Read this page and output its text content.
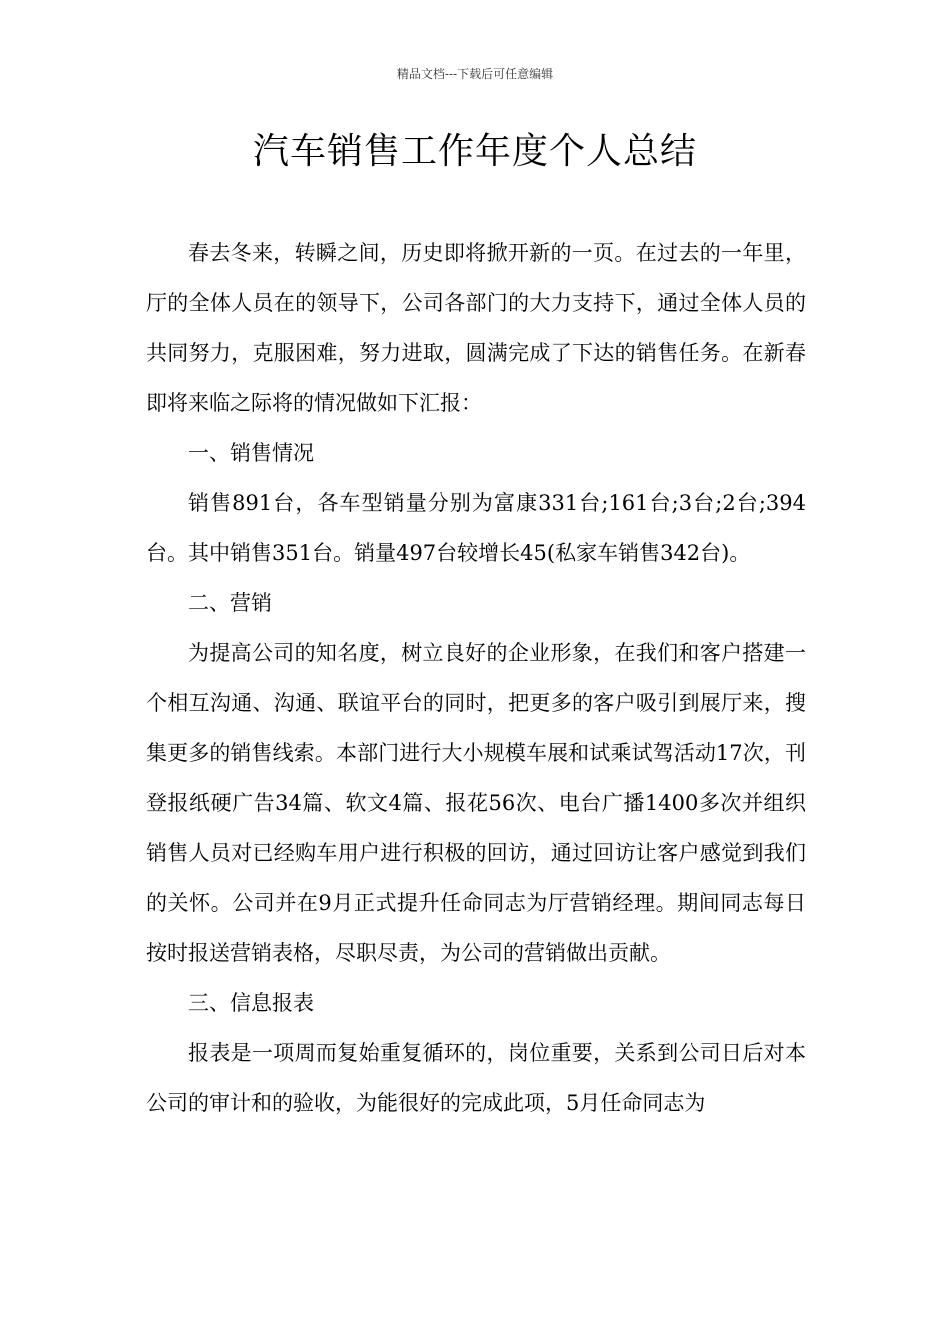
精品文档---下载后可任意编辑
汽车销售工作年度个人总结

春去冬来，转瞬之间，历史即将掀开新的一页。在过去的一年里，厅的全体人员在的领导下，公司各部门的大力支持下，通过全体人员的共同努力，克服困难，努力进取，圆满完成了下达的销售任务。在新春即将来临之际将的情况做如下汇报：

一、销售情况

销售891台，各车型销量分别为富康331台;161台;3台;2台;394台。其中销售351台。销量497台较增长45(私家车销售342台)。

二、营销

为提高公司的知名度，树立良好的企业形象，在我们和客户搭建一个相互沟通、沟通、联谊平台的同时，把更多的客户吸引到展厅来，搜集更多的销售线索。本部门进行大小规模车展和试乘试驾活动17次，刊登报纸硬广告34篇、软文4篇、报花56次、电台广播1400多次并组织销售人员对已经购车用户进行积极的回访，通过回访让客户感觉到我们的关怀。公司并在9月正式提升任命同志为厅营销经理。期间同志每日按时报送营销表格，尽职尽责，为公司的营销做出贡献。

三、信息报表

报表是一项周而复始重复循环的，岗位重要，关系到公司日后对本公司的审计和的验收，为能很好的完成此项，5月任命同志为
